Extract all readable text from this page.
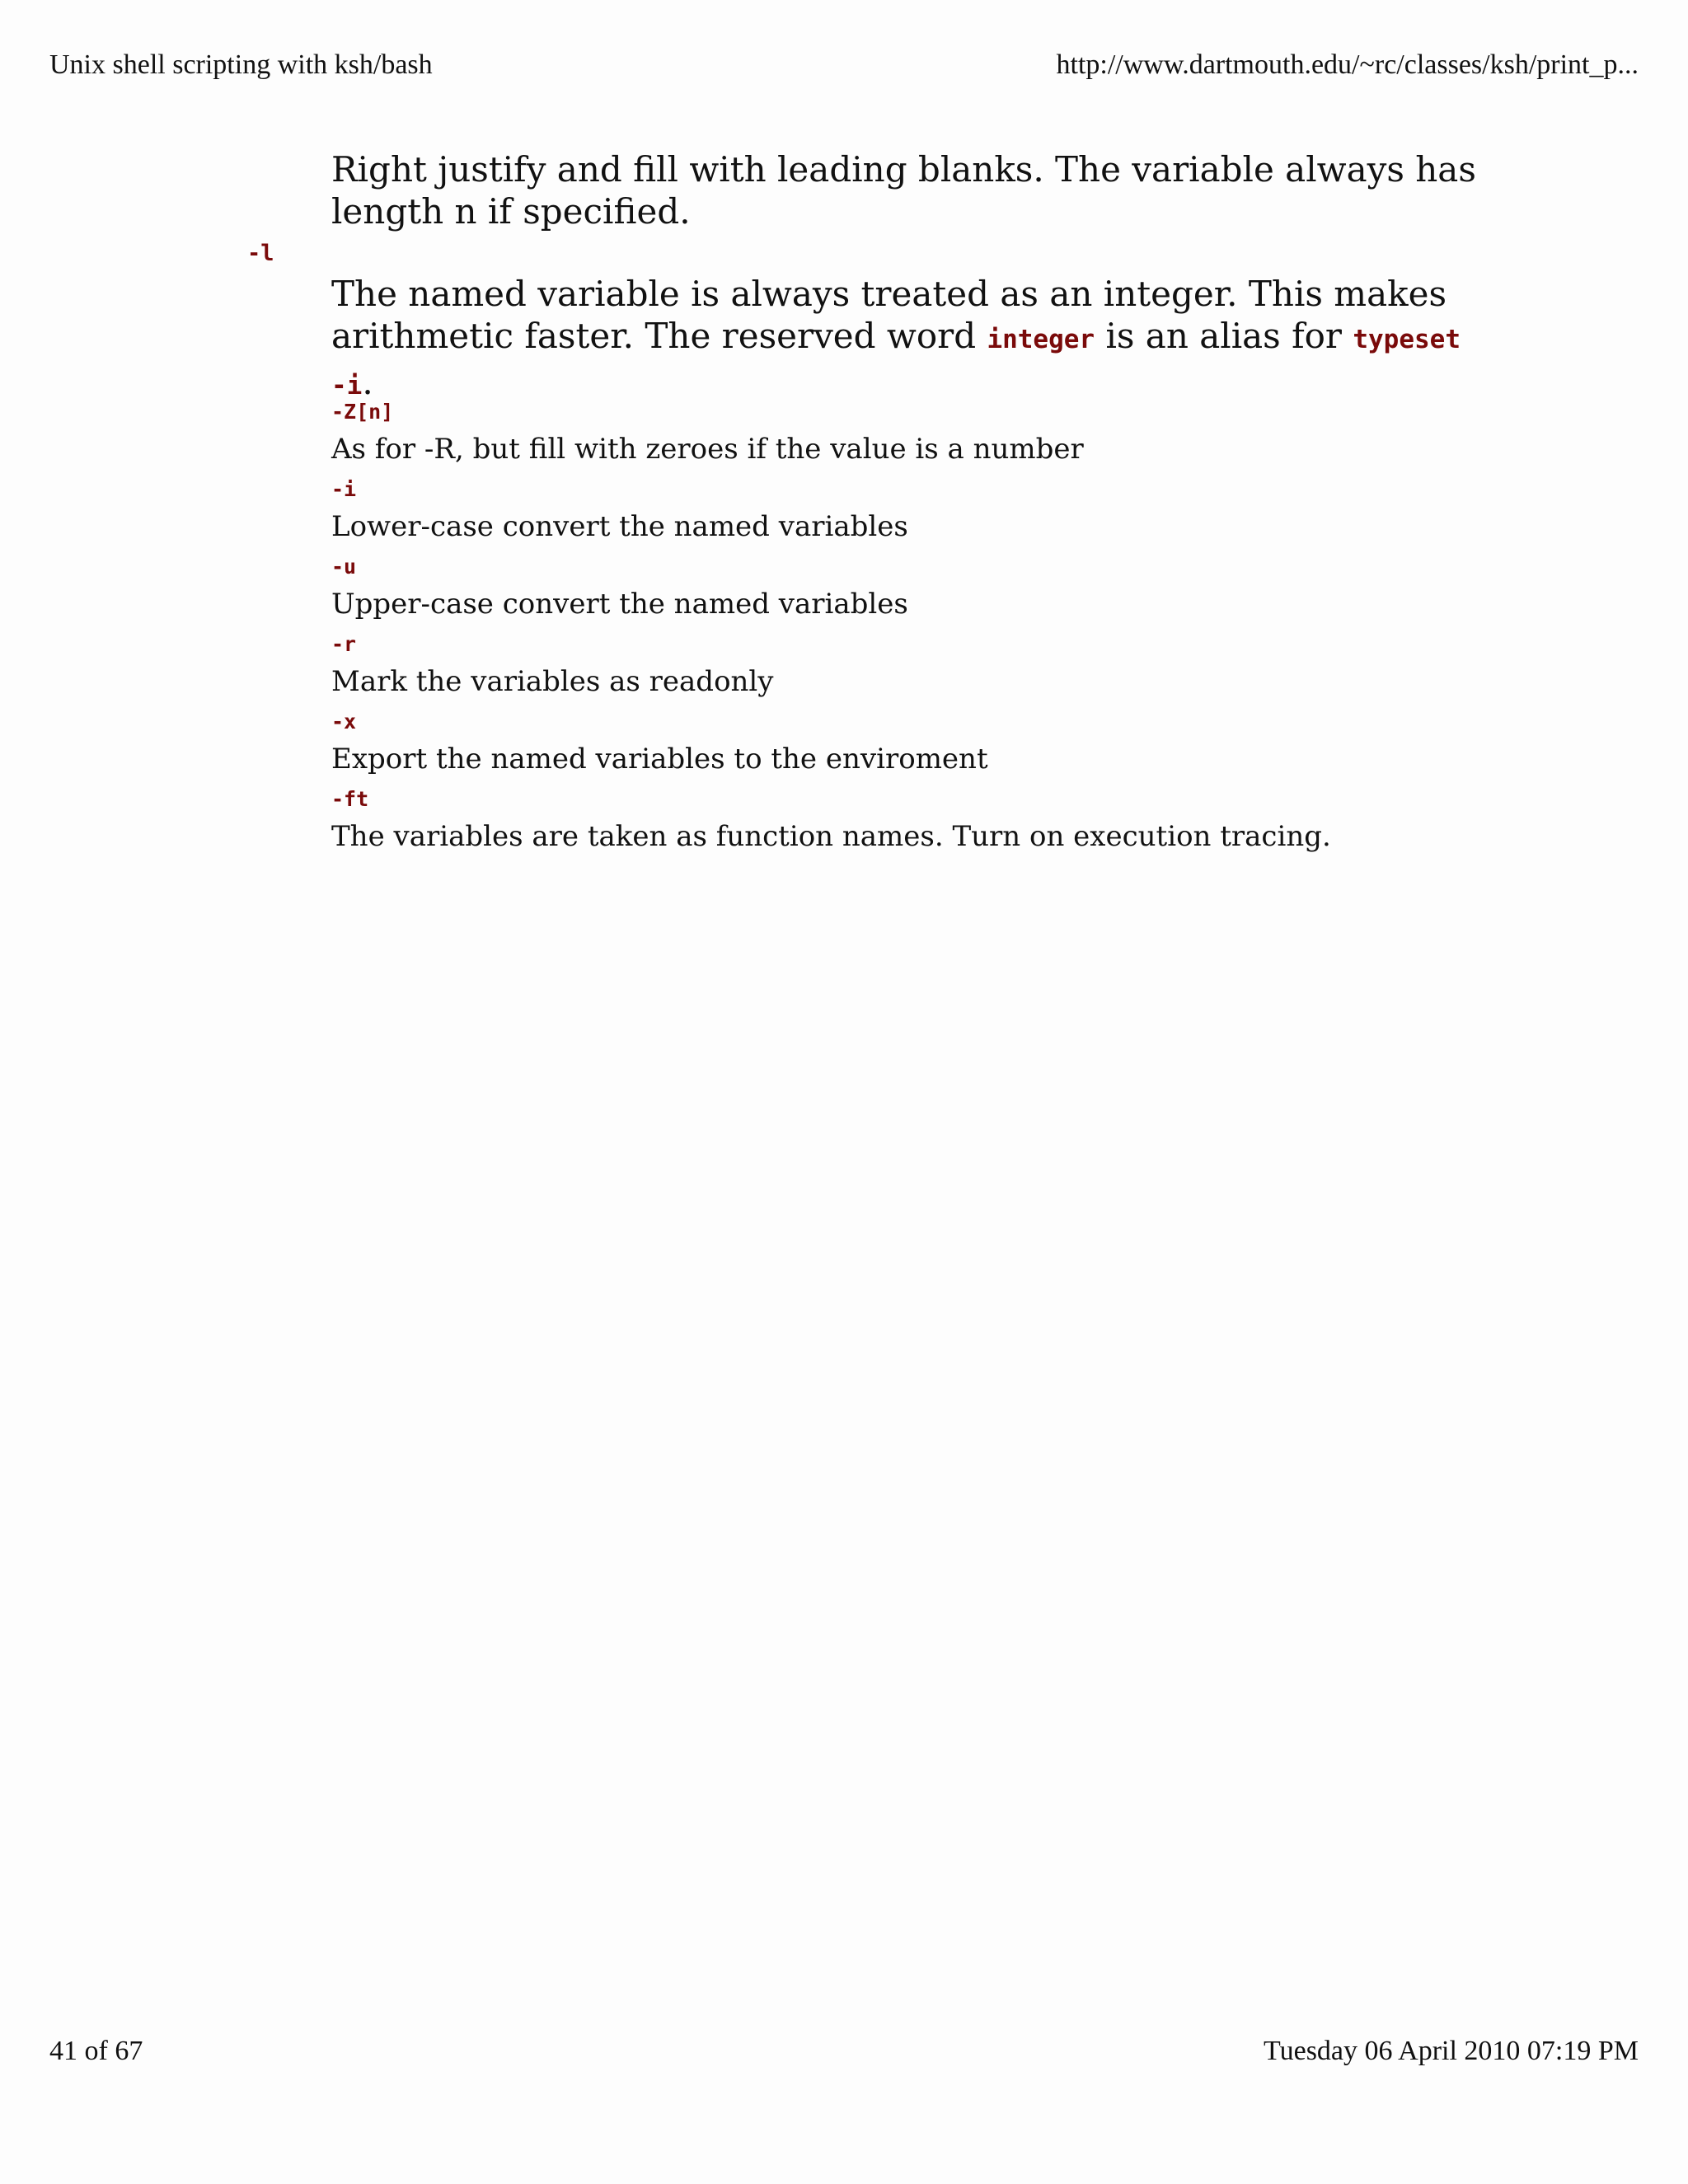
Unix shell scripting with ksh/bash	http://www.dartmouth.edu/~rc/classes/ksh/print_p...
Right justify and fill with leading blanks. The variable always has length n if specified.
-l
The named variable is always treated as an integer. This makes arithmetic faster. The reserved word integer is an alias for typeset -i.
-Z[n]
As for -R, but fill with zeroes if the value is a number
-i
Lower-case convert the named variables
-u
Upper-case convert the named variables
-r
Mark the variables as readonly
-x
Export the named variables to the enviroment
-ft
The variables are taken as function names. Turn on execution tracing.
41 of 67	Tuesday 06 April 2010 07:19 PM
